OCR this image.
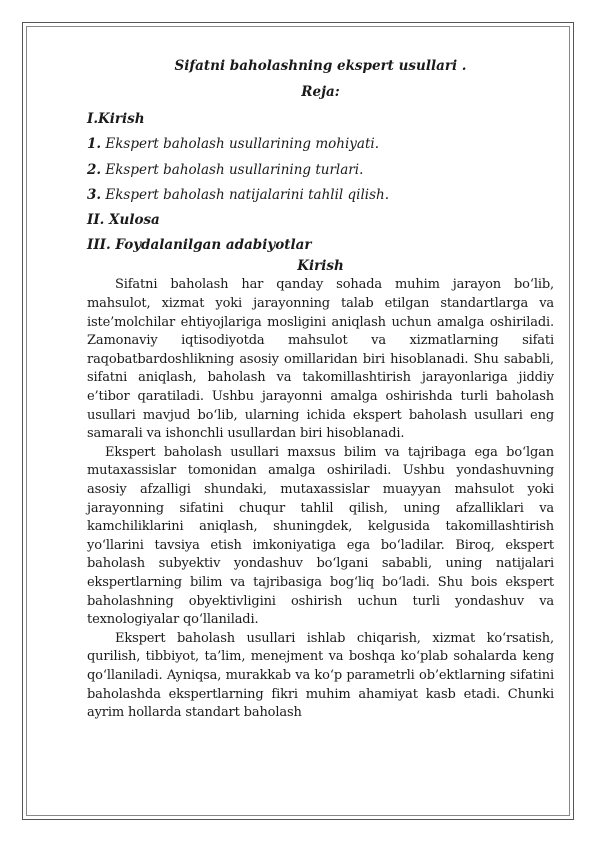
Sifatni baholashning ekspert usullari .

Reja:

I.Kirish

1. Ekspert baholash usullarining mohiyati.

2. Ekspert baholash usullarining turlari.

3. Ekspert baholash natijalarini tahlil qilish.

II. Xulosa

III. Foydalanilgan adabiyotlar

Kirish

Sifatni baholash har qanday sohada muhim jarayon bo‘lib, mahsulot, xizmat yoki jarayonning talab etilgan standartlarga va iste’molchilar ehtiyojlariga mosligini aniqlash uchun amalga oshiriladi. Zamonaviy iqtisodiyotda mahsulot va xizmatlarning sifati raqobatbardoshlikning asosiy omillaridan biri hisoblanadi. Shu sababli, sifatni aniqlash, baholash va takomillashtirish jarayonlariga jiddiy e’tibor qaratiladi. Ushbu jarayonni amalga oshirishda turli baholash usullari mavjud bo‘lib, ularning ichida ekspert baholash usullari eng samarali va ishonchli usullardan biri hisoblanadi.

Ekspert baholash usullari maxsus bilim va tajribaga ega bo‘lgan mutaxassislar tomonidan amalga oshiriladi. Ushbu yondashuvning asosiy afzalligi shundaki, mutaxassislar muayyan mahsulot yoki jarayonning sifatini chuqur tahlil qilish, uning afzalliklari va kamchiliklarini aniqlash, shuningdek, kelgusida takomillashtirish yo‘llarini tavsiya etish imkoniyatiga ega bo‘ladilar. Biroq, ekspert baholash subyektiv yondashuv bo‘lgani sababli, uning natijalari ekspertlarning bilim va tajribasiga bog‘liq bo‘ladi. Shu bois ekspert baholashning obyektivligini oshirish uchun turli yondashuv va texnologiyalar qo‘llaniladi.

Ekspert baholash usullari ishlab chiqarish, xizmat ko‘rsatish, qurilish, tibbiyot, ta’lim, menejment va boshqa ko‘plab sohalarda keng qo‘llaniladi. Ayniqsa, murakkab va ko‘p parametrli ob’ektlarning sifatini baholashda ekspertlarning fikri muhim ahamiyat kasb etadi. Chunki ayrim hollarda standart baholash
